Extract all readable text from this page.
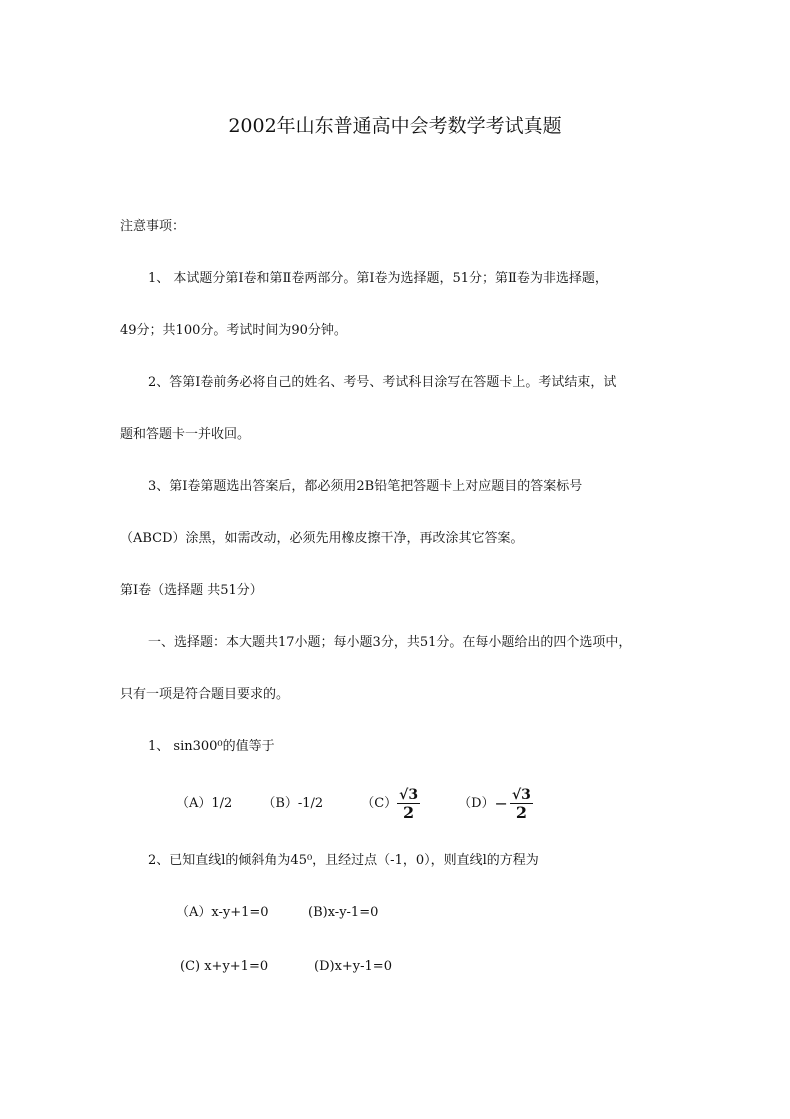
2002年山东普通高中会考数学考试真题
注意事项：
1、 本试题分第Ⅰ卷和第Ⅱ卷两部分。第Ⅰ卷为选择题，51分；第Ⅱ卷为非选择题，
49分；共100分。考试时间为90分钟。
2、答第Ⅰ卷前务必将自己的姓名、考号、考试科目涂写在答题卡上。考试结束，试
题和答题卡一并收回。
3、第Ⅰ卷第题选出答案后，都必须用2B铅笔把答题卡上对应题目的答案标号
（ABCD）涂黑，如需改动，必须先用橡皮擦干净，再改涂其它答案。
第Ⅰ卷（选择题 共51分）
一、选择题：本大题共17小题；每小题3分，共51分。在每小题给出的四个选项中，
只有一项是符合题目要求的。
1、 sin300⁰的值等于
（A）1/2 （B）-1/2	$(C) \frac{√3}{2}$	$(D) - \frac{√3}{2}$
2、已知直线l的倾斜角为45⁰，且经过点（-1，0），则直线l的方程为
（A）x-y+1=0	(B)x-y-1=0
(C) x+y+1=0	(D)x+y-1=0
